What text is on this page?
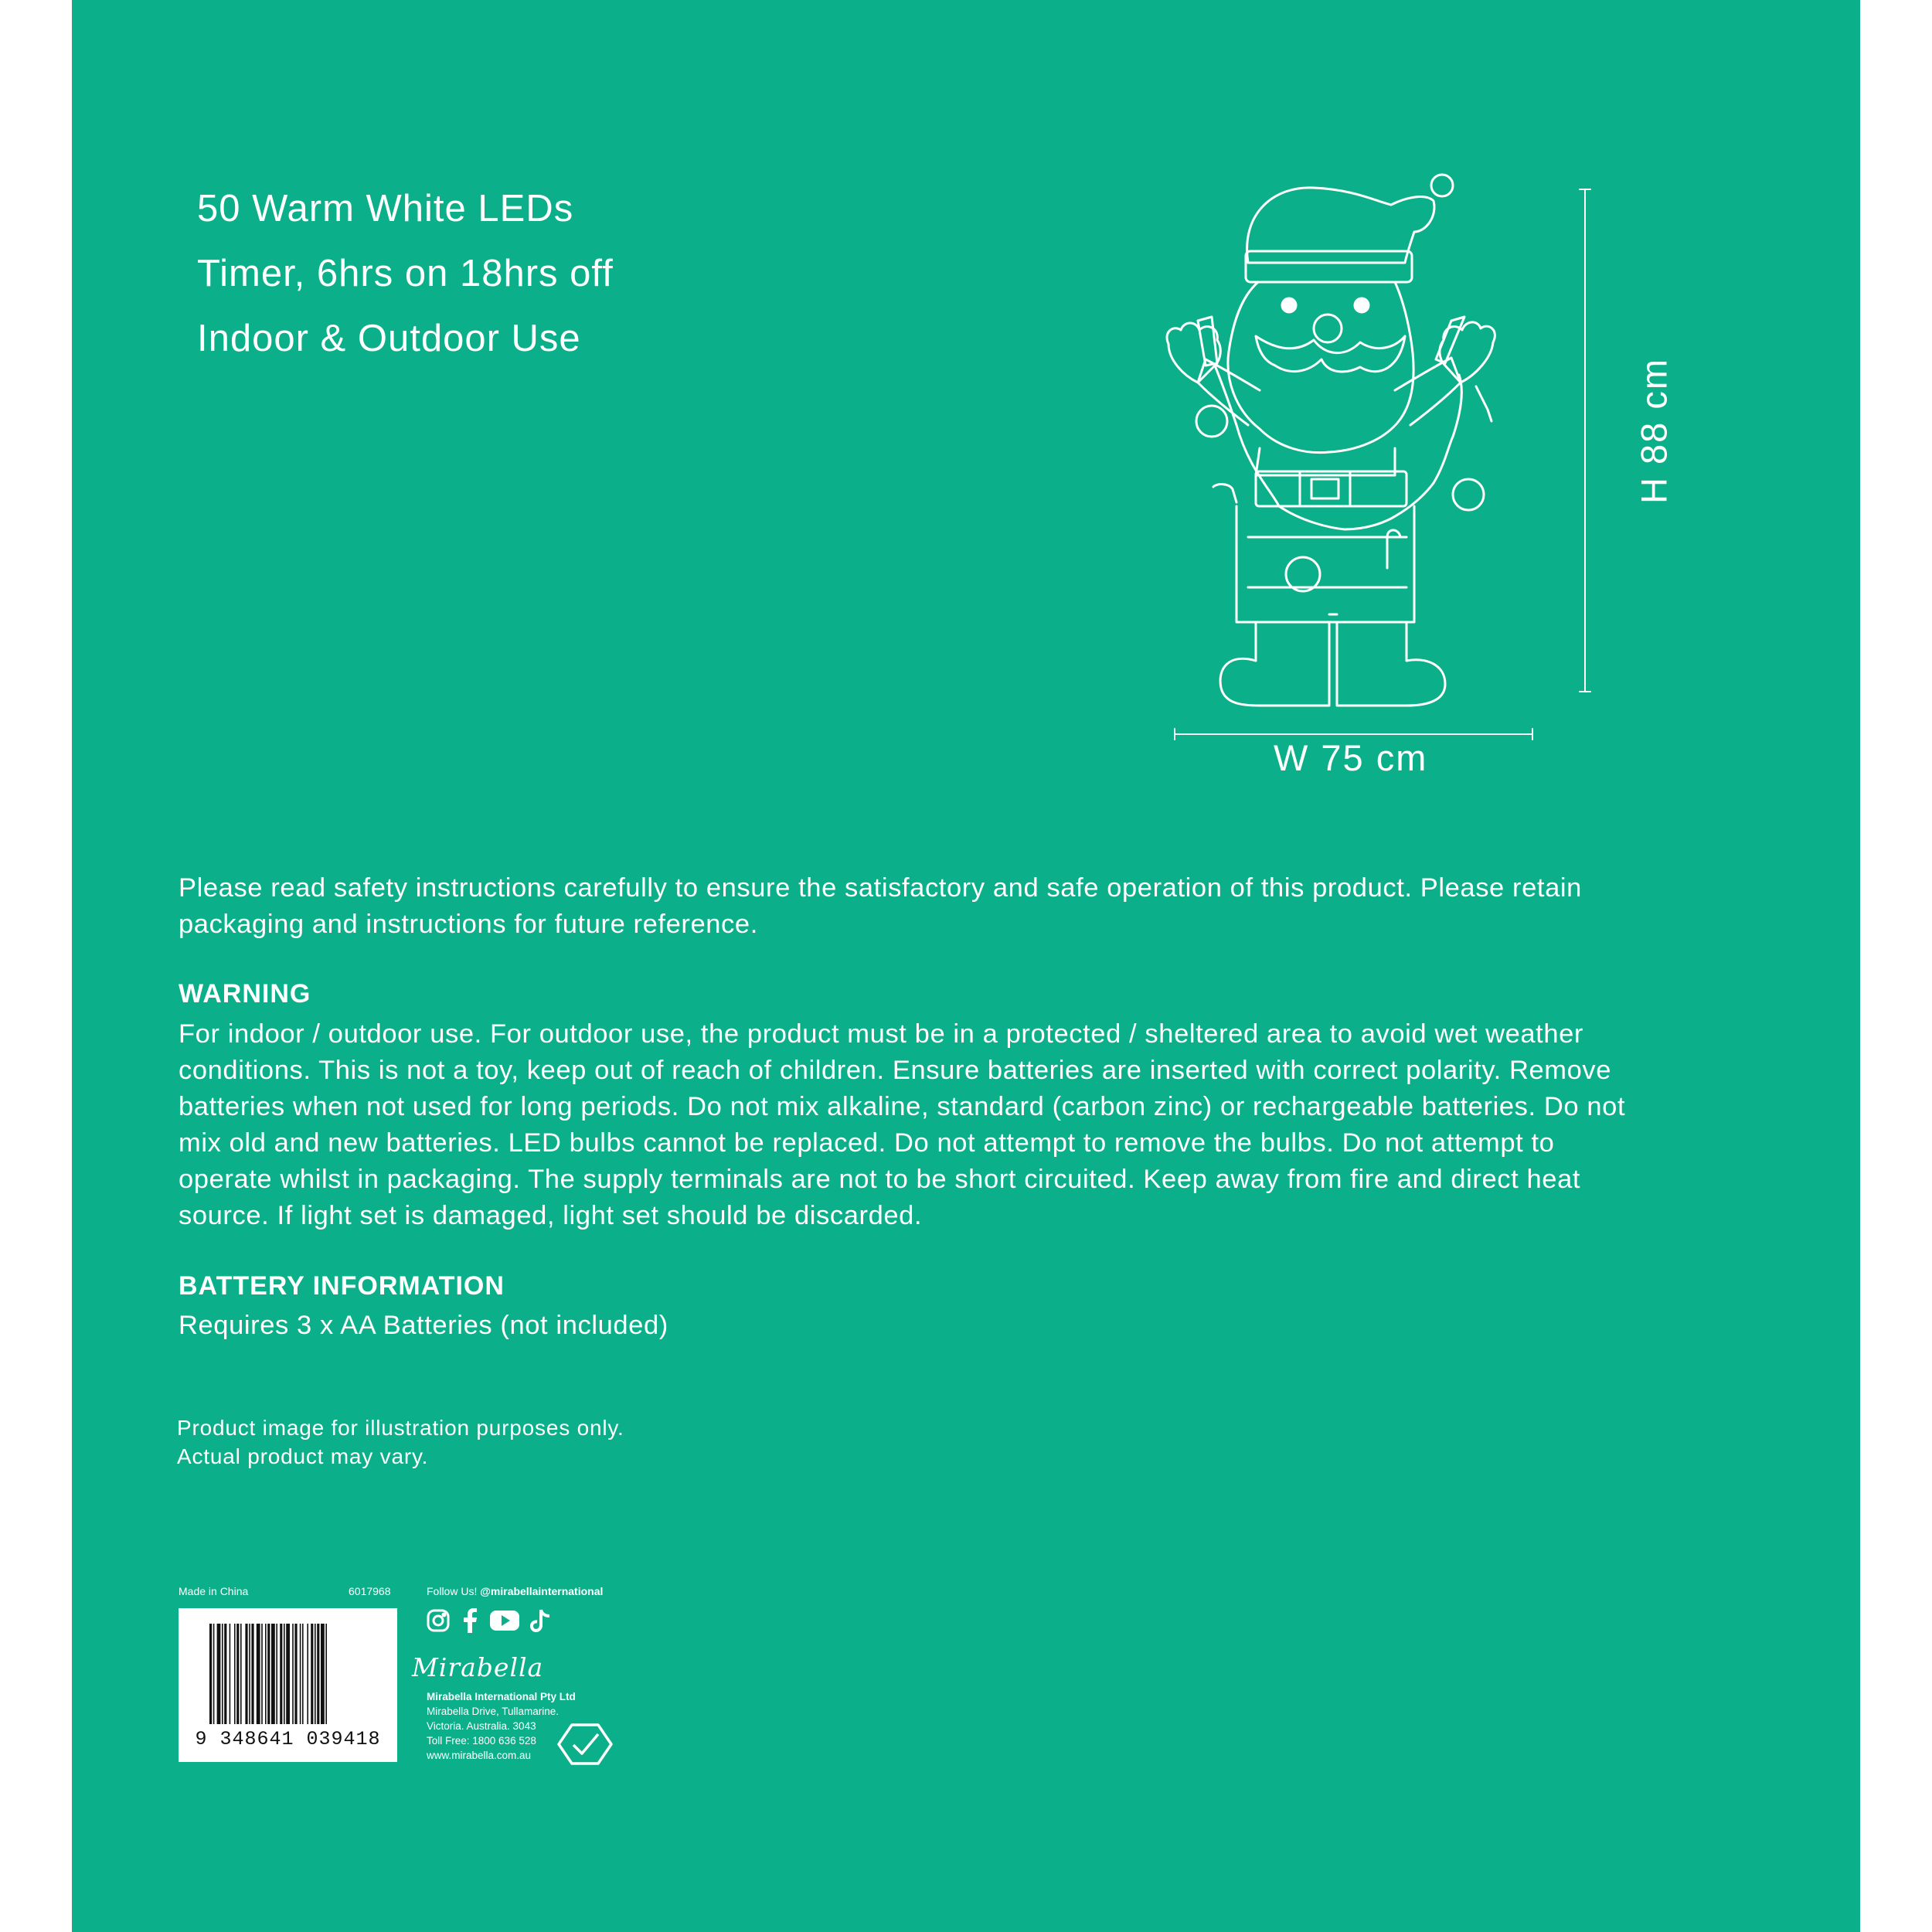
50 Warm White LEDs
Timer, 6hrs on 18hrs off
Indoor & Outdoor Use
W 75 cm
H 88 cm
Please read safety instructions carefully to ensure the satisfactory and safe operation of this product. Please retain packaging and instructions for future reference.
WARNING
For indoor / outdoor use. For outdoor use, the product must be in a protected / sheltered area to avoid wet weather conditions. This is not a toy, keep out of reach of children. Ensure batteries are inserted with correct polarity. Remove batteries when not used for long periods. Do not mix alkaline, standard (carbon zinc) or rechargeable batteries. Do not mix old and new batteries. LED bulbs cannot be replaced. Do not attempt to remove the bulbs. Do not attempt to operate whilst in packaging. The supply terminals are not to be short circuited. Keep away from fire and direct heat source. If light set is damaged, light set should be discarded.
BATTERY INFORMATION
Requires 3 x AA Batteries (not included)
Product image for illustration purposes only.
Actual product may vary.
Made in China	6017968	Follow Us! @mirabellainternational

Mirabella
Mirabella International Pty Ltd
Mirabella Drive, Tullamarine.
Victoria. Australia. 3043
Toll Free: 1800 636 528
www.mirabella.com.au
9 348641 039418
